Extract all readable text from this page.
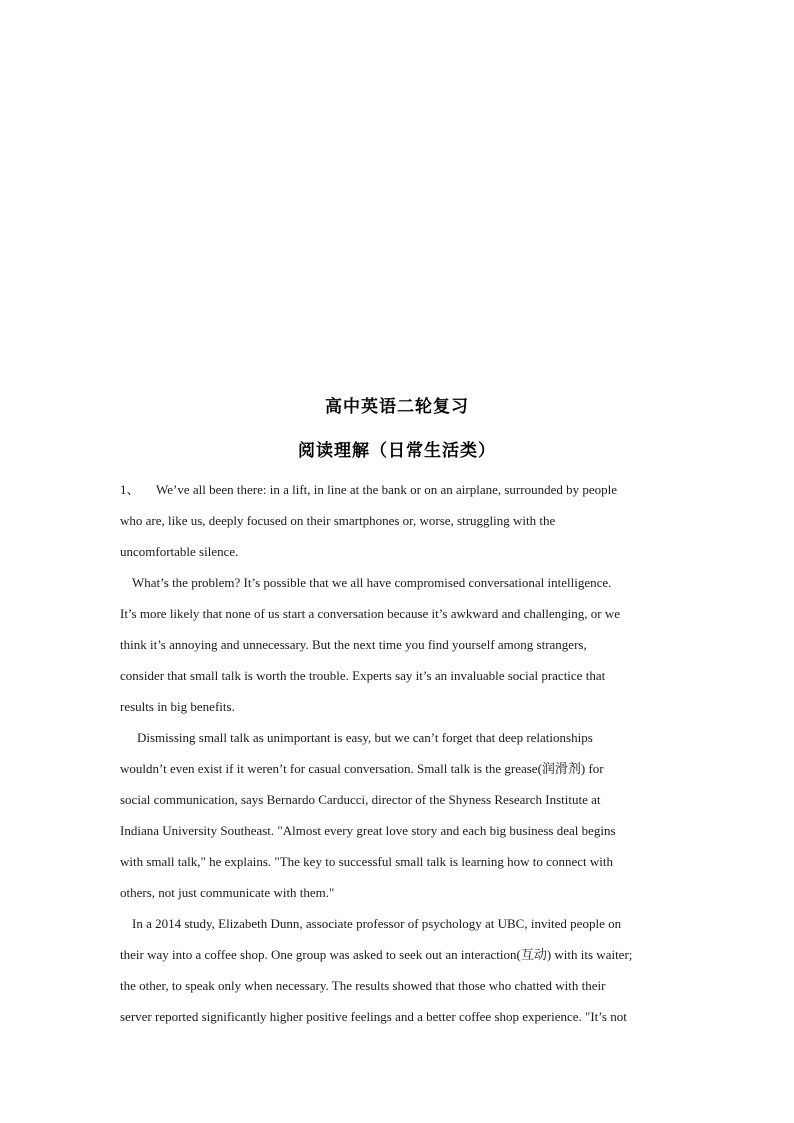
高中英语二轮复习
阅读理解（日常生活类）
1、 We’ve all been there: in a lift, in line at the bank or on an airplane, surrounded by people
who are, like us, deeply focused on their smartphones or, worse, struggling with the
uncomfortable silence.
What’s the problem? It’s possible that we all have compromised conversational intelligence.
It’s more likely that none of us start a conversation because it’s awkward and challenging, or we
think it’s annoying and unnecessary. But the next time you find yourself among strangers,
consider that small talk is worth the trouble. Experts say it’s an invaluable social practice that
results in big benefits.
Dismissing small talk as unimportant is easy, but we can’t forget that deep relationships
wouldn’t even exist if it weren’t for casual conversation. Small talk is the grease(润滑剂) for
social communication, says Bernardo Carducci, director of the Shyness Research Institute at
Indiana University Southeast. "Almost every great love story and each big business deal begins
with small talk," he explains. "The key to successful small talk is learning how to connect with
others, not just communicate with them."
In a 2014 study, Elizabeth Dunn, associate professor of psychology at UBC, invited people on
their way into a coffee shop. One group was asked to seek out an interaction(互动) with its waiter;
the other, to speak only when necessary. The results showed that those who chatted with their
server reported significantly higher positive feelings and a better coffee shop experience. "It’s not
